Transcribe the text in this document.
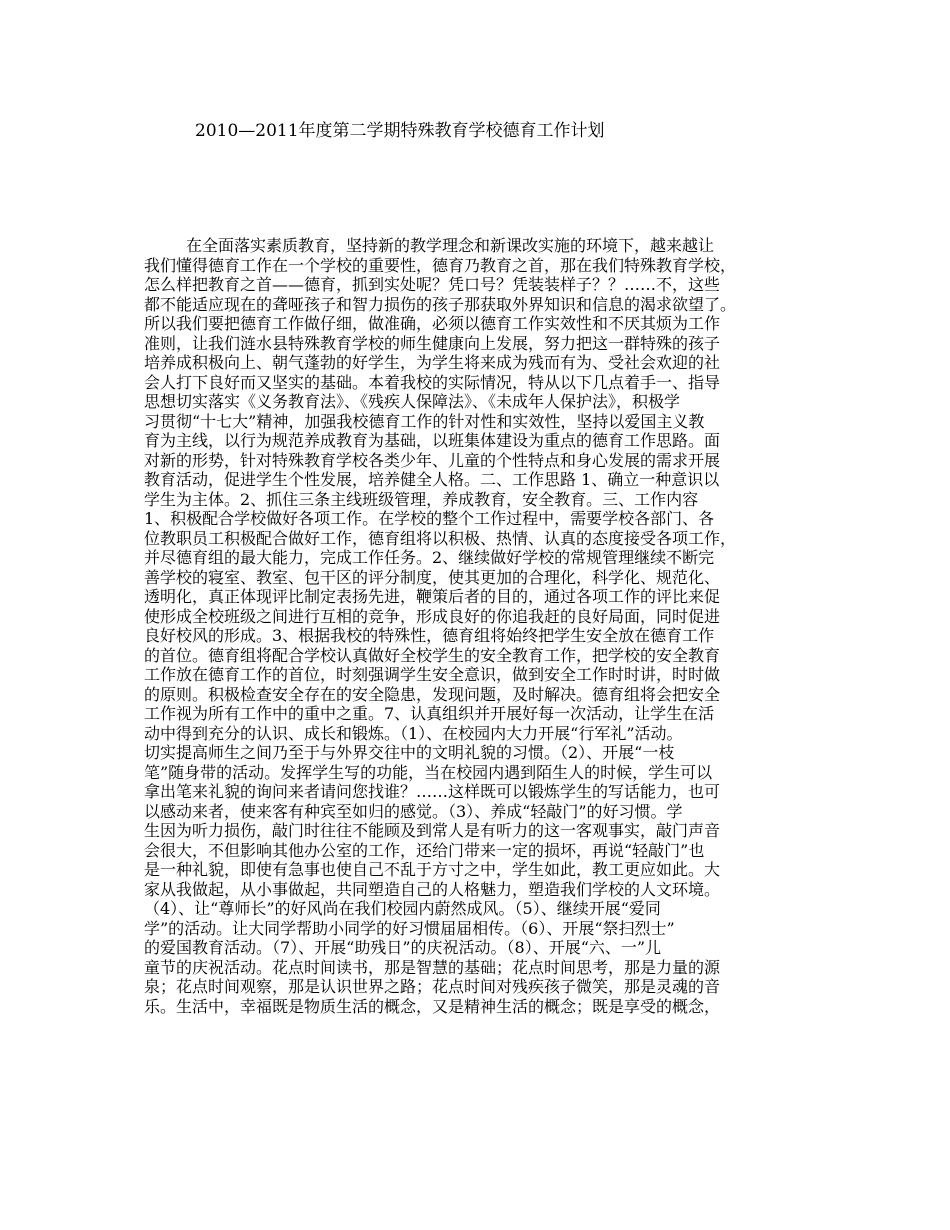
2010—2011年度第二学期特殊教育学校德育工作计划
在全面落实素质教育，坚持新的教学理念和新课改实施的环境下，越来越让
我们懂得德育工作在一个学校的重要性，德育乃教育之首，那在我们特殊教育学校，
怎么样把教育之首——德育，抓到实处呢？凭口号？凭装装样子？？……不，这些
都不能适应现在的聋哑孩子和智力损伤的孩子那获取外界知识和信息的渴求欲望了。
所以我们要把德育工作做仔细，做准确，必须以德育工作实效性和不厌其烦为工作
准则，让我们涟水县特殊教育学校的师生健康向上发展，努力把这一群特殊的孩子
培养成积极向上、朝气蓬勃的好学生，为学生将来成为残而有为、受社会欢迎的社
会人打下良好而又坚实的基础。本着我校的实际情况，特从以下几点着手一、指导
思想切实落实《义务教育法》、《残疾人保障法》、《未成年人保护法》，积极学
习贯彻“十七大”精神，加强我校德育工作的针对性和实效性，坚持以爱国主义教
育为主线，以行为规范养成教育为基础，以班集体建设为重点的德育工作思路。面
对新的形势，针对特殊教育学校各类少年、儿童的个性特点和身心发展的需求开展
教育活动，促进学生个性发展，培养健全人格。二、工作思路 1、确立一种意识以
学生为主体。2、抓住三条主线班级管理，养成教育，安全教育。三、工作内容
1、积极配合学校做好各项工作。在学校的整个工作过程中，需要学校各部门、各
位教职员工积极配合做好工作，德育组将以积极、热情、认真的态度接受各项工作，
并尽德育组的最大能力，完成工作任务。2、继续做好学校的常规管理继续不断完
善学校的寝室、教室、包干区的评分制度，使其更加的合理化，科学化、规范化、
透明化，真正体现评比制定表扬先进，鞭策后者的目的，通过各项工作的评比来促
使形成全校班级之间进行互相的竞争，形成良好的你追我赶的良好局面，同时促进
良好校风的形成。3、根据我校的特殊性，德育组将始终把学生安全放在德育工作
的首位。德育组将配合学校认真做好全校学生的安全教育工作，把学校的安全教育
工作放在德育工作的首位，时刻强调学生安全意识，做到安全工作时时讲，时时做
的原则。积极检查安全存在的安全隐患，发现问题，及时解决。德育组将会把安全
工作视为所有工作中的重中之重。7、认真组织并开展好每一次活动，让学生在活
动中得到充分的认识、成长和锻炼。（1）、在校园内大力开展“行军礼”活动。
切实提高师生之间乃至于与外界交往中的文明礼貌的习惯。（2）、开展“一枝
笔”随身带的活动。发挥学生写的功能，当在校园内遇到陌生人的时候，学生可以
拿出笔来礼貌的询问来者请问您找谁？……这样既可以锻炼学生的写话能力，也可
以感动来者，使来客有种宾至如归的感觉。（3）、养成“轻敲门”的好习惯。学
生因为听力损伤，敲门时往往不能顾及到常人是有听力的这一客观事实，敲门声音
会很大，不但影响其他办公室的工作，还给门带来一定的损坏，再说“轻敲门”也
是一种礼貌，即使有急事也使自己不乱于方寸之中，学生如此，教工更应如此。大
家从我做起，从小事做起，共同塑造自己的人格魅力，塑造我们学校的人文环境。
（4）、让“尊师长”的好风尚在我们校园内蔚然成风。（5）、继续开展“爱同
学”的活动。让大同学帮助小同学的好习惯届届相传。（6）、开展“祭扫烈士”
的爱国教育活动。（7）、开展“助残日”的庆祝活动。（8）、开展“六、一”儿
童节的庆祝活动。花点时间读书，那是智慧的基础；花点时间思考，那是力量的源
泉；花点时间观察，那是认识世界之路；花点时间对残疾孩子微笑，那是灵魂的音
乐。生活中，幸福既是物质生活的概念，又是精神生活的概念；既是享受的概念，
